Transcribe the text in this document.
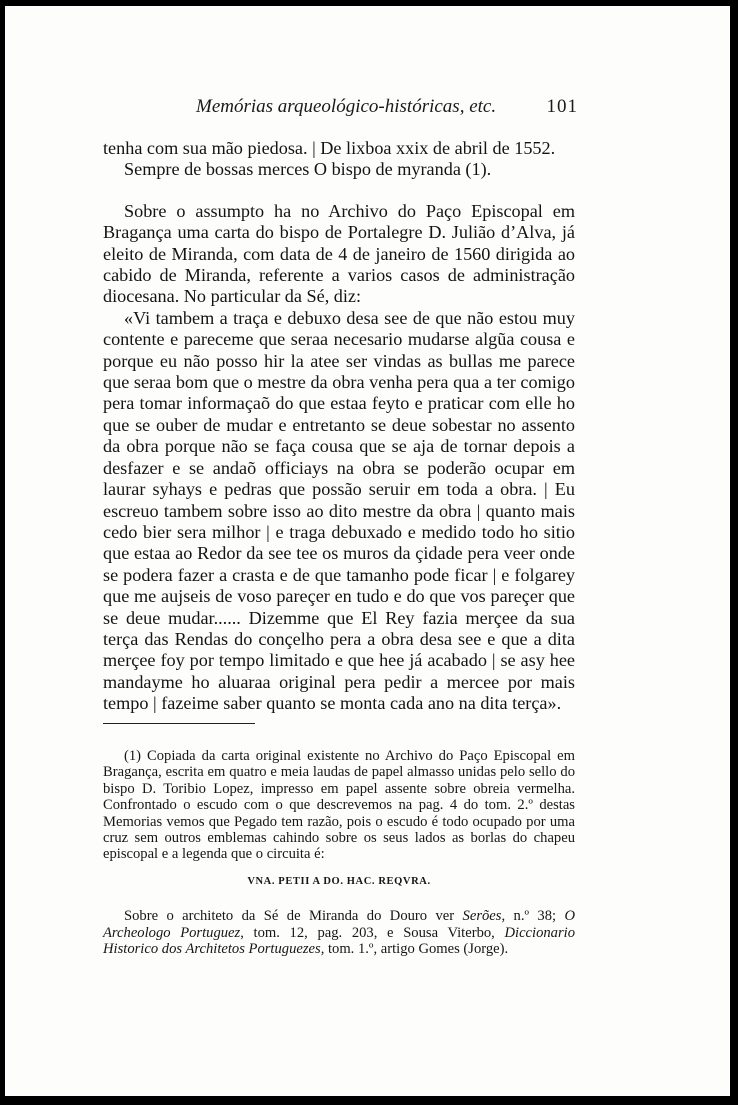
Memórias arqueológico-históricas, etc.	101

tenha com sua mão piedosa. | De lixboa xxix de abril de 1552.

Sempre de bossas merces O bispo de myranda (1).

Sobre o assumpto ha no Archivo do Paço Episcopal em Bragança uma carta do bispo de Portalegre D. Julião d’Alva, já eleito de Miranda, com data de 4 de janeiro de 1560 dirigida ao cabido de Miranda, referente a varios casos de administração diocesana. No particular da Sé, diz:

«Vi tambem a traça e debuxo desa see de que não estou muy contente e pareceme que seraa necesario mudarse algũa cousa e porque eu não posso hir la atee ser vindas as bullas me parece que seraa bom que o mestre da obra venha pera qua a ter comigo pera tomar informaçaõ do que estaa feyto e praticar com elle ho que se ouber de mudar e entretanto se deue sobestar no assento da obra porque não se faça cousa que se aja de tornar depois a desfazer e se andaõ officiays na obra se poderão ocupar em laurar syhays e pedras que possão seruir em toda a obra. | Eu escreuo tambem sobre isso ao dito mestre da obra | quanto mais cedo bier sera milhor | e traga debuxado e medido todo ho sitio que estaa ao Redor da see tee os muros da çidade pera veer onde se podera fazer a crasta e de que tamanho pode ficar | e folgarey que me aujseis de voso pareçer en tudo e do que vos pareçer que se deue mudar...... Dizemme que El Rey fazia merçee da sua terça das Rendas do conçelho pera a obra desa see e que a dita merçee foy por tempo limitado e que hee já acabado | se asy hee mandayme ho aluaraa original pera pedir a mercee por mais tempo | fazeime saber quanto se monta cada ano na dita terça».

(1) Copiada da carta original existente no Archivo do Paço Episcopal em Bragança, escrita em quatro e meia laudas de papel almasso unidas pelo sello do bispo D. Toribio Lopez, impresso em papel assente sobre obreia vermelha. Confrontado o escudo com o que descrevemos na pag. 4 do tom. 2.º destas Memorias vemos que Pegado tem razão, pois o escudo é todo ocupado por uma cruz sem outros emblemas cahindo sobre os seus lados as borlas do chapeu episcopal e a legenda que o circuita é:

VNA. PETII A DO. HAC. REQVRA.

Sobre o architeto da Sé de Miranda do Douro ver Serões, n.º 38; O Archeologo Portuguez, tom. 12, pag. 203, e Sousa Viterbo, Diccionario Historico dos Architetos Portuguezes, tom. 1.º, artigo Gomes (Jorge).
